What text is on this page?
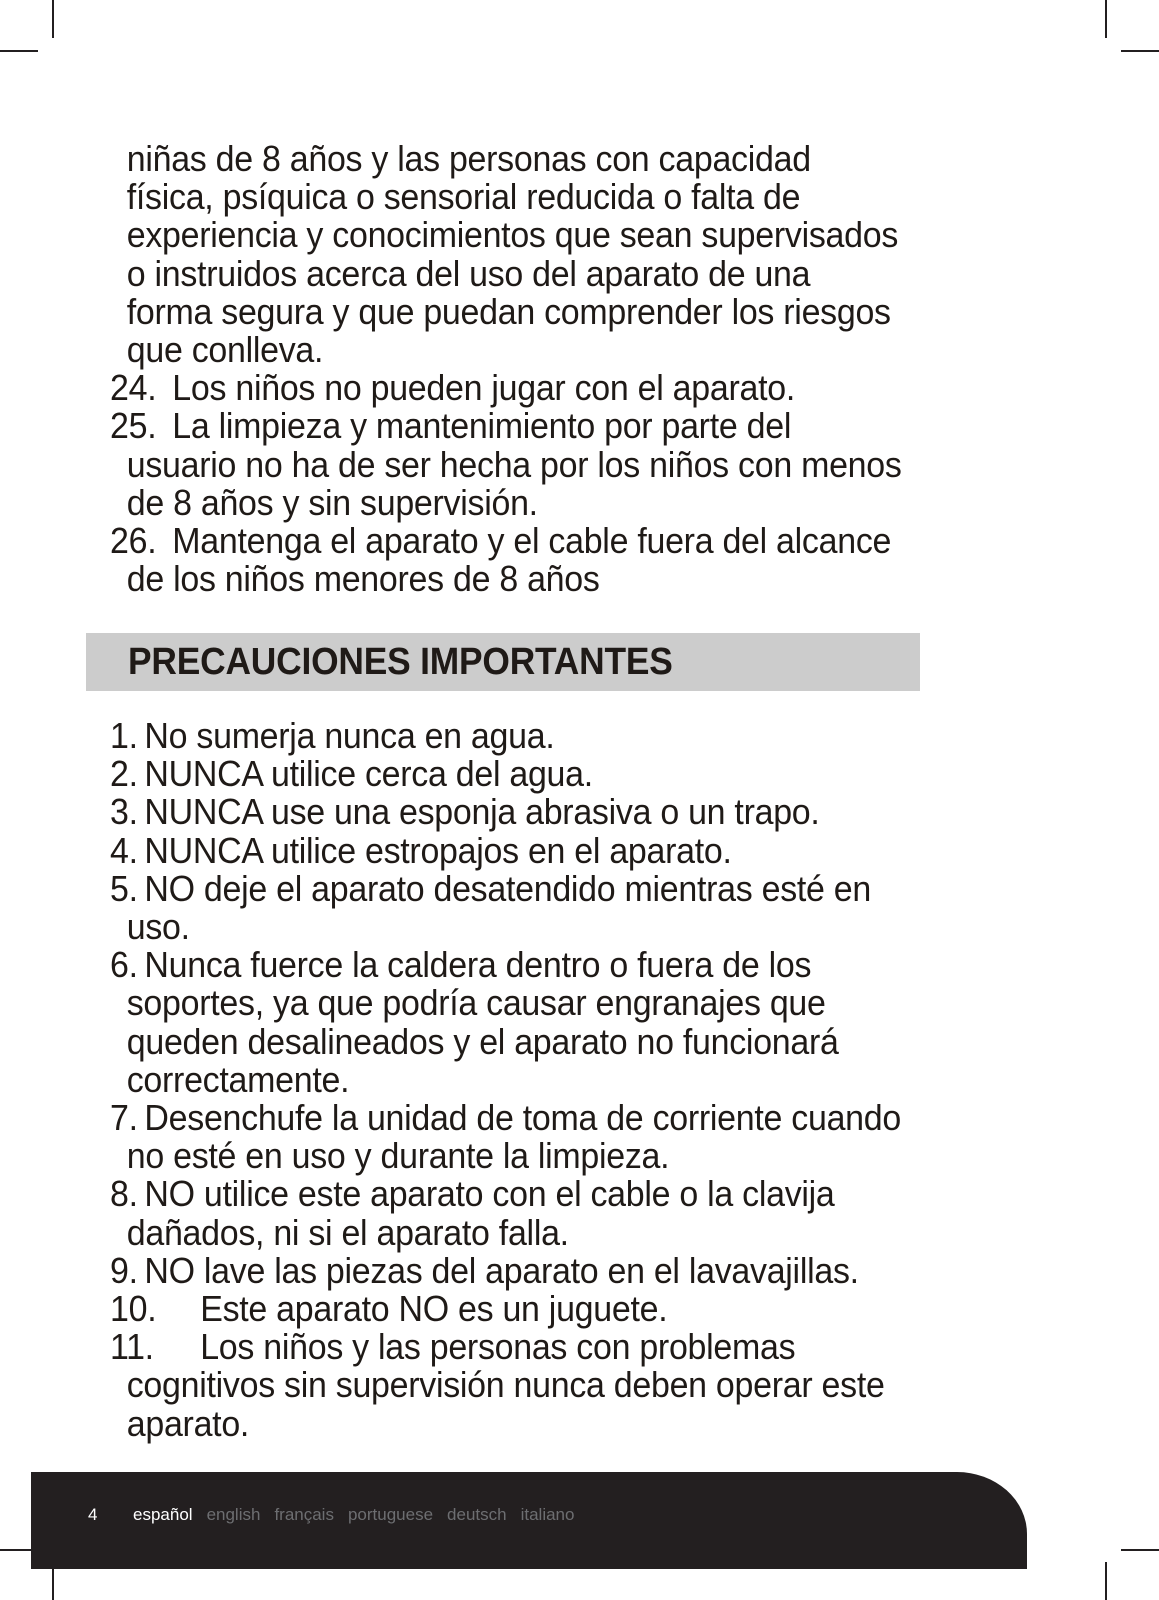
niñas de 8 años y las personas con capacidad
física, psíquica o sensorial reducida o falta de
experiencia y conocimientos que sean supervisados
o instruidos acerca del uso del aparato de una
forma segura y que puedan comprender los riesgos
que conlleva.
24. Los niños no pueden jugar con el aparato.
25. La limpieza y mantenimiento por parte del
usuario no ha de ser hecha por los niños con menos
de 8 años y sin supervisión.
26. Mantenga el aparato y el cable fuera del alcance
de los niños menores de 8 años
PRECAUCIONES IMPORTANTES
1. No sumerja nunca en agua.
2. NUNCA utilice cerca del agua.
3. NUNCA use una esponja abrasiva o un trapo.
4. NUNCA utilice estropajos en el aparato.
5. NO deje el aparato desatendido mientras esté en
uso.
6. Nunca fuerce la caldera dentro o fuera de los
soportes, ya que podría causar engranajes que
queden desalineados y el aparato no funcionará
correctamente.
7. Desenchufe la unidad de toma de corriente cuando
no esté en uso y durante la limpieza.
8. NO utilice este aparato con el cable o la clavija
dañados, ni si el aparato falla.
9. NO lave las piezas del aparato en el lavavajillas.
10. Este aparato NO es un juguete.
11. Los niños y las personas con problemas
cognitivos sin supervisión nunca deben operar este
aparato.
4 español english français portuguese deutsch italiano
